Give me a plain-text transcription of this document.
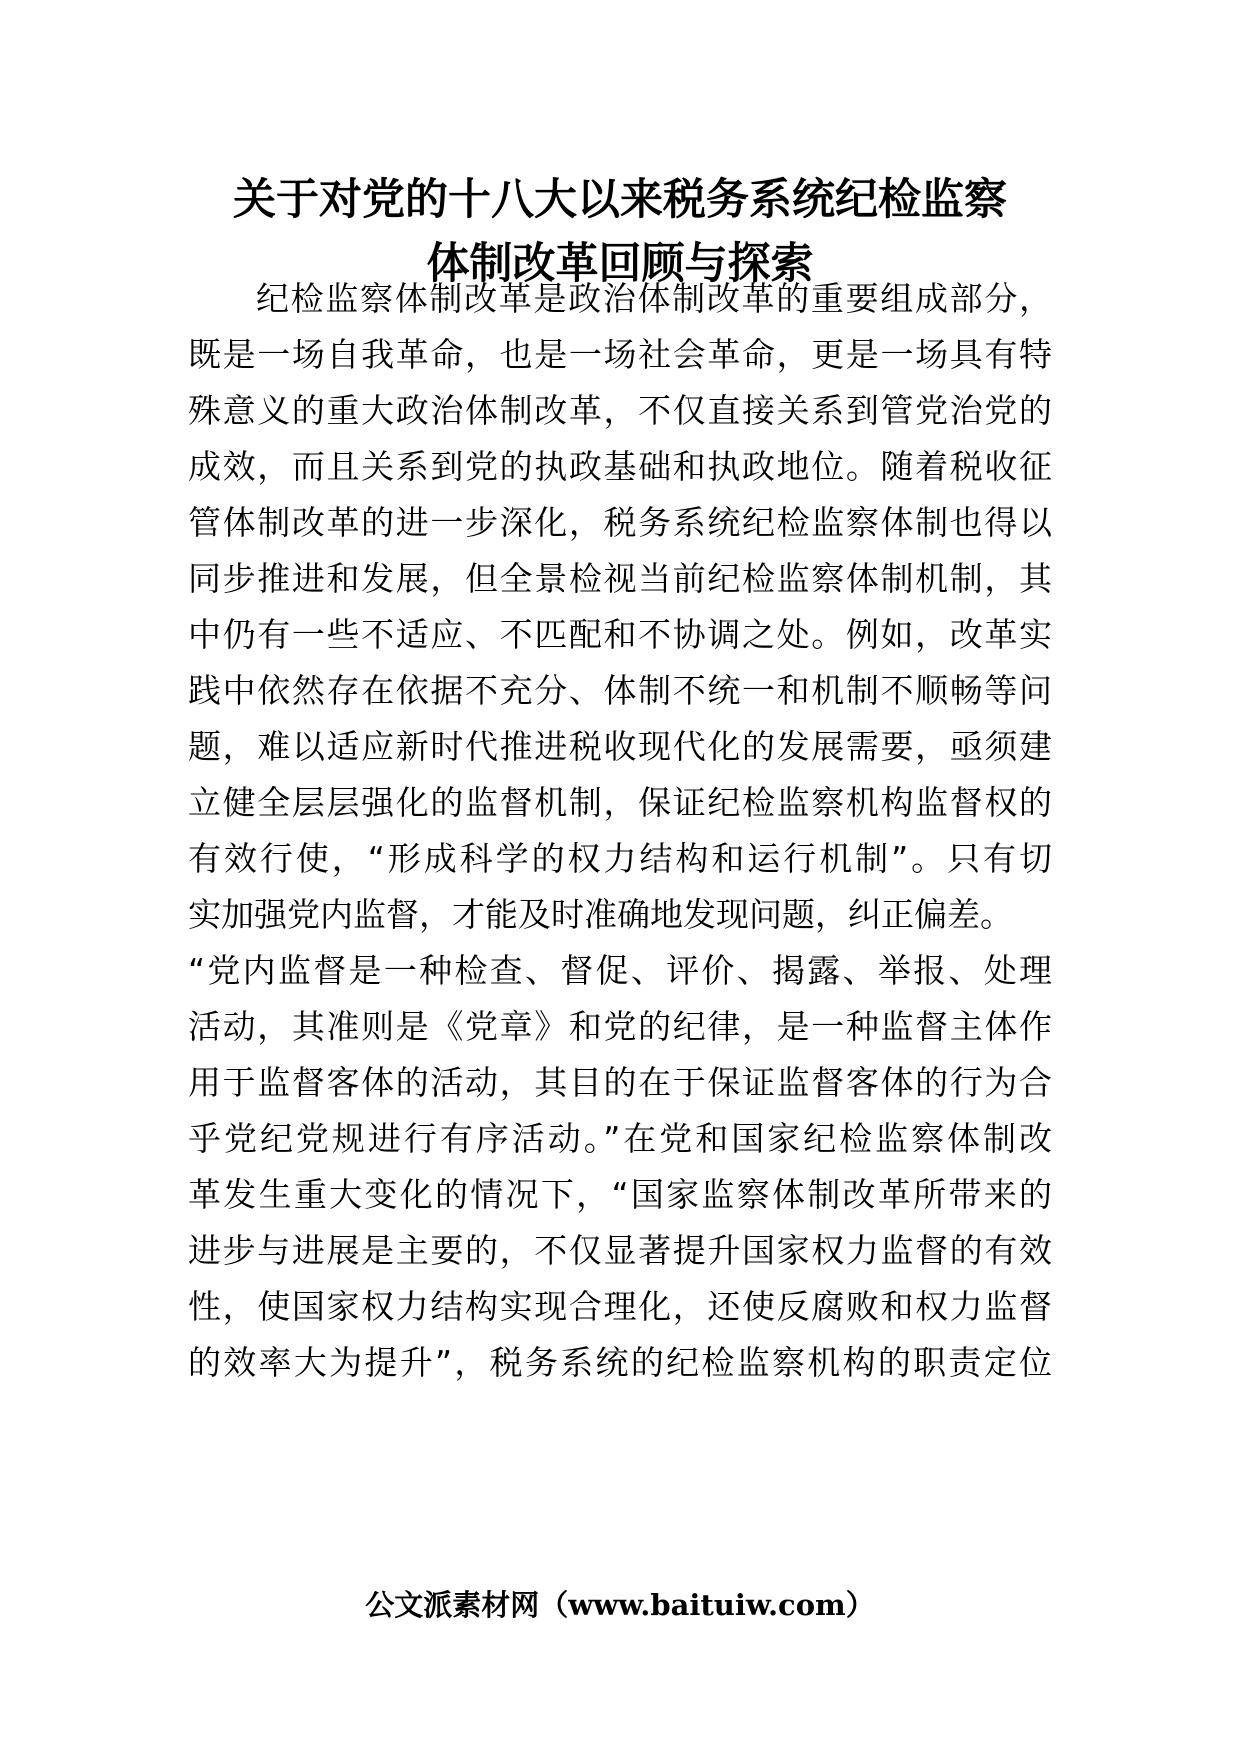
关于对党的十八大以来税务系统纪检监察
体制改革回顾与探索
纪检监察体制改革是政治体制改革的重要组成部分，
既是一场自我革命，也是一场社会革命，更是一场具有特
殊意义的重大政治体制改革，不仅直接关系到管党治党的
成效，而且关系到党的执政基础和执政地位。随着税收征
管体制改革的进一步深化，税务系统纪检监察体制也得以
同步推进和发展，但全景检视当前纪检监察体制机制，其
中仍有一些不适应、不匹配和不协调之处。例如，改革实
践中依然存在依据不充分、体制不统一和机制不顺畅等问
题，难以适应新时代推进税收现代化的发展需要，亟须建
立健全层层强化的监督机制，保证纪检监察机构监督权的
有效行使，“形成科学的权力结构和运行机制”。只有切
实加强党内监督，才能及时准确地发现问题，纠正偏差。
“党内监督是一种检查、督促、评价、揭露、举报、处理
活动，其准则是《党章》和党的纪律，是一种监督主体作
用于监督客体的活动，其目的在于保证监督客体的行为合
乎党纪党规进行有序活动。”在党和国家纪检监察体制改
革发生重大变化的情况下，“国家监察体制改革所带来的
进步与进展是主要的，不仅显著提升国家权力监督的有效
性，使国家权力结构实现合理化，还使反腐败和权力监督
的效率大为提升”，税务系统的纪检监察机构的职责定位
公文派素材网（www.baituiw.com）
